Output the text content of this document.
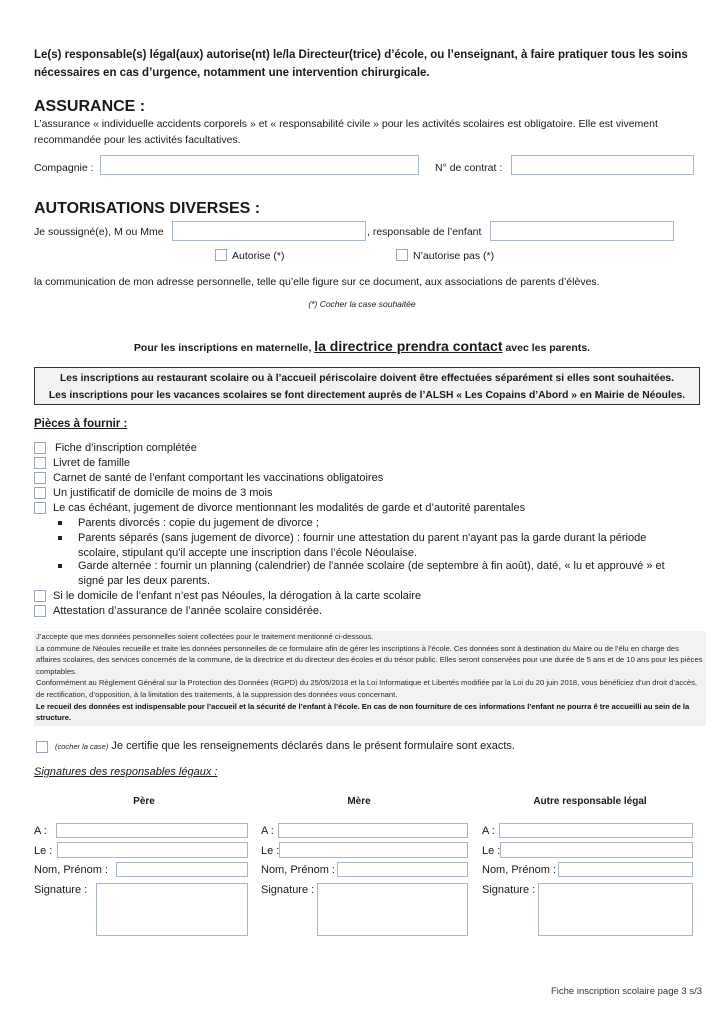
Le(s) responsable(s) légal(aux) autorise(nt) le/la Directeur(trice) d’école, ou l’enseignant, à faire pratiquer tous les soins nécessaires en cas d’urgence, notamment une intervention chirurgicale.
ASSURANCE :
L’assurance « individuelle accidents corporels » et « responsabilité civile » pour les activités scolaires est obligatoire. Elle est vivement recommandée pour les activités facultatives.
Compagnie :	N° de contrat :
AUTORISATIONS DIVERSES :
Je soussigné(e), M ou Mme	, responsable de l’enfant
Autorise (*)	N’autorise pas (*)
la communication de mon adresse personnelle, telle qu’elle figure sur ce document, aux associations de parents d’élèves.
(*) Cocher la case souhaitée
Pour les inscriptions en maternelle, la directrice prendra contact avec les parents.
Les inscriptions au restaurant scolaire ou à l’accueil périscolaire doivent être effectuées séparément si elles sont souhaitées.
Les inscriptions pour les vacances scolaires se font directement auprès de l’ALSH « Les Copains d’Abord » en Mairie de Néoules.
Pièces à fournir :
Fiche d’inscription complétée
Livret de famille
Carnet de santé de l’enfant comportant les vaccinations obligatoires
Un justificatif de domicile de moins de 3 mois
Le cas échéant, jugement de divorce mentionnant les modalités de garde et d’autorité parentales
Parents divorcés : copie du jugement de divorce ;
Parents séparés (sans jugement de divorce) : fournir une attestation du parent n'ayant pas la garde durant la période scolaire, stipulant qu'il accepte une inscription dans l’école Néoulaise.
Garde alternée : fournir un planning (calendrier) de l'année scolaire (de septembre à fin août), daté, « lu et approuvé » et signé par les deux parents.
Si le domicile de l’enfant n’est pas Néoules, la dérogation à la carte scolaire
Attestation d’assurance de l’année scolaire considérée.
J’accepte que mes données personnelles soient collectées pour le traitement mentionné ci-dessous.
La commune de Néoules recueille et traite les données personnelles de ce formulaire afin de gérer les inscriptions à l’école. Ces données sont à destination du Maire ou de l’élu en charge des affaires scolaires, des services concernés de la commune, de la directrice et du directeur des écoles et du trésor public. Elles seront conservées pour une durée de 5 ans et de 10 ans pour les pièces comptables.
Conformément au Règlement Général sur la Protection des Données (RGPD) du 25/05/2018 et la Loi Informatique et Libertés modifiée par la Loi du 20 juin 2018, vous bénéficiez d’un droit d’accès, de rectification, d’opposition, à la limitation des traitements, à la suppression des données vous concernant.
Le recueil des données est indispensable pour l’accueil et la sécurité de l’enfant à l’école. En cas de non fourniture de ces informations l’enfant ne pourra ê tre accueilli au sein de la structure.
(cocher la case) Je certifie que les renseignements déclarés dans le présent formulaire sont exacts.
Signatures des responsables légaux :
Père
A :
Le :
Nom, Prénom :
Signature :
Mère
A :
Le :
Nom, Prénom :
Signature :
Autre responsable légal
A :
Le :
Nom, Prénom :
Signature :
Fiche inscription scolaire page 3 s/3
